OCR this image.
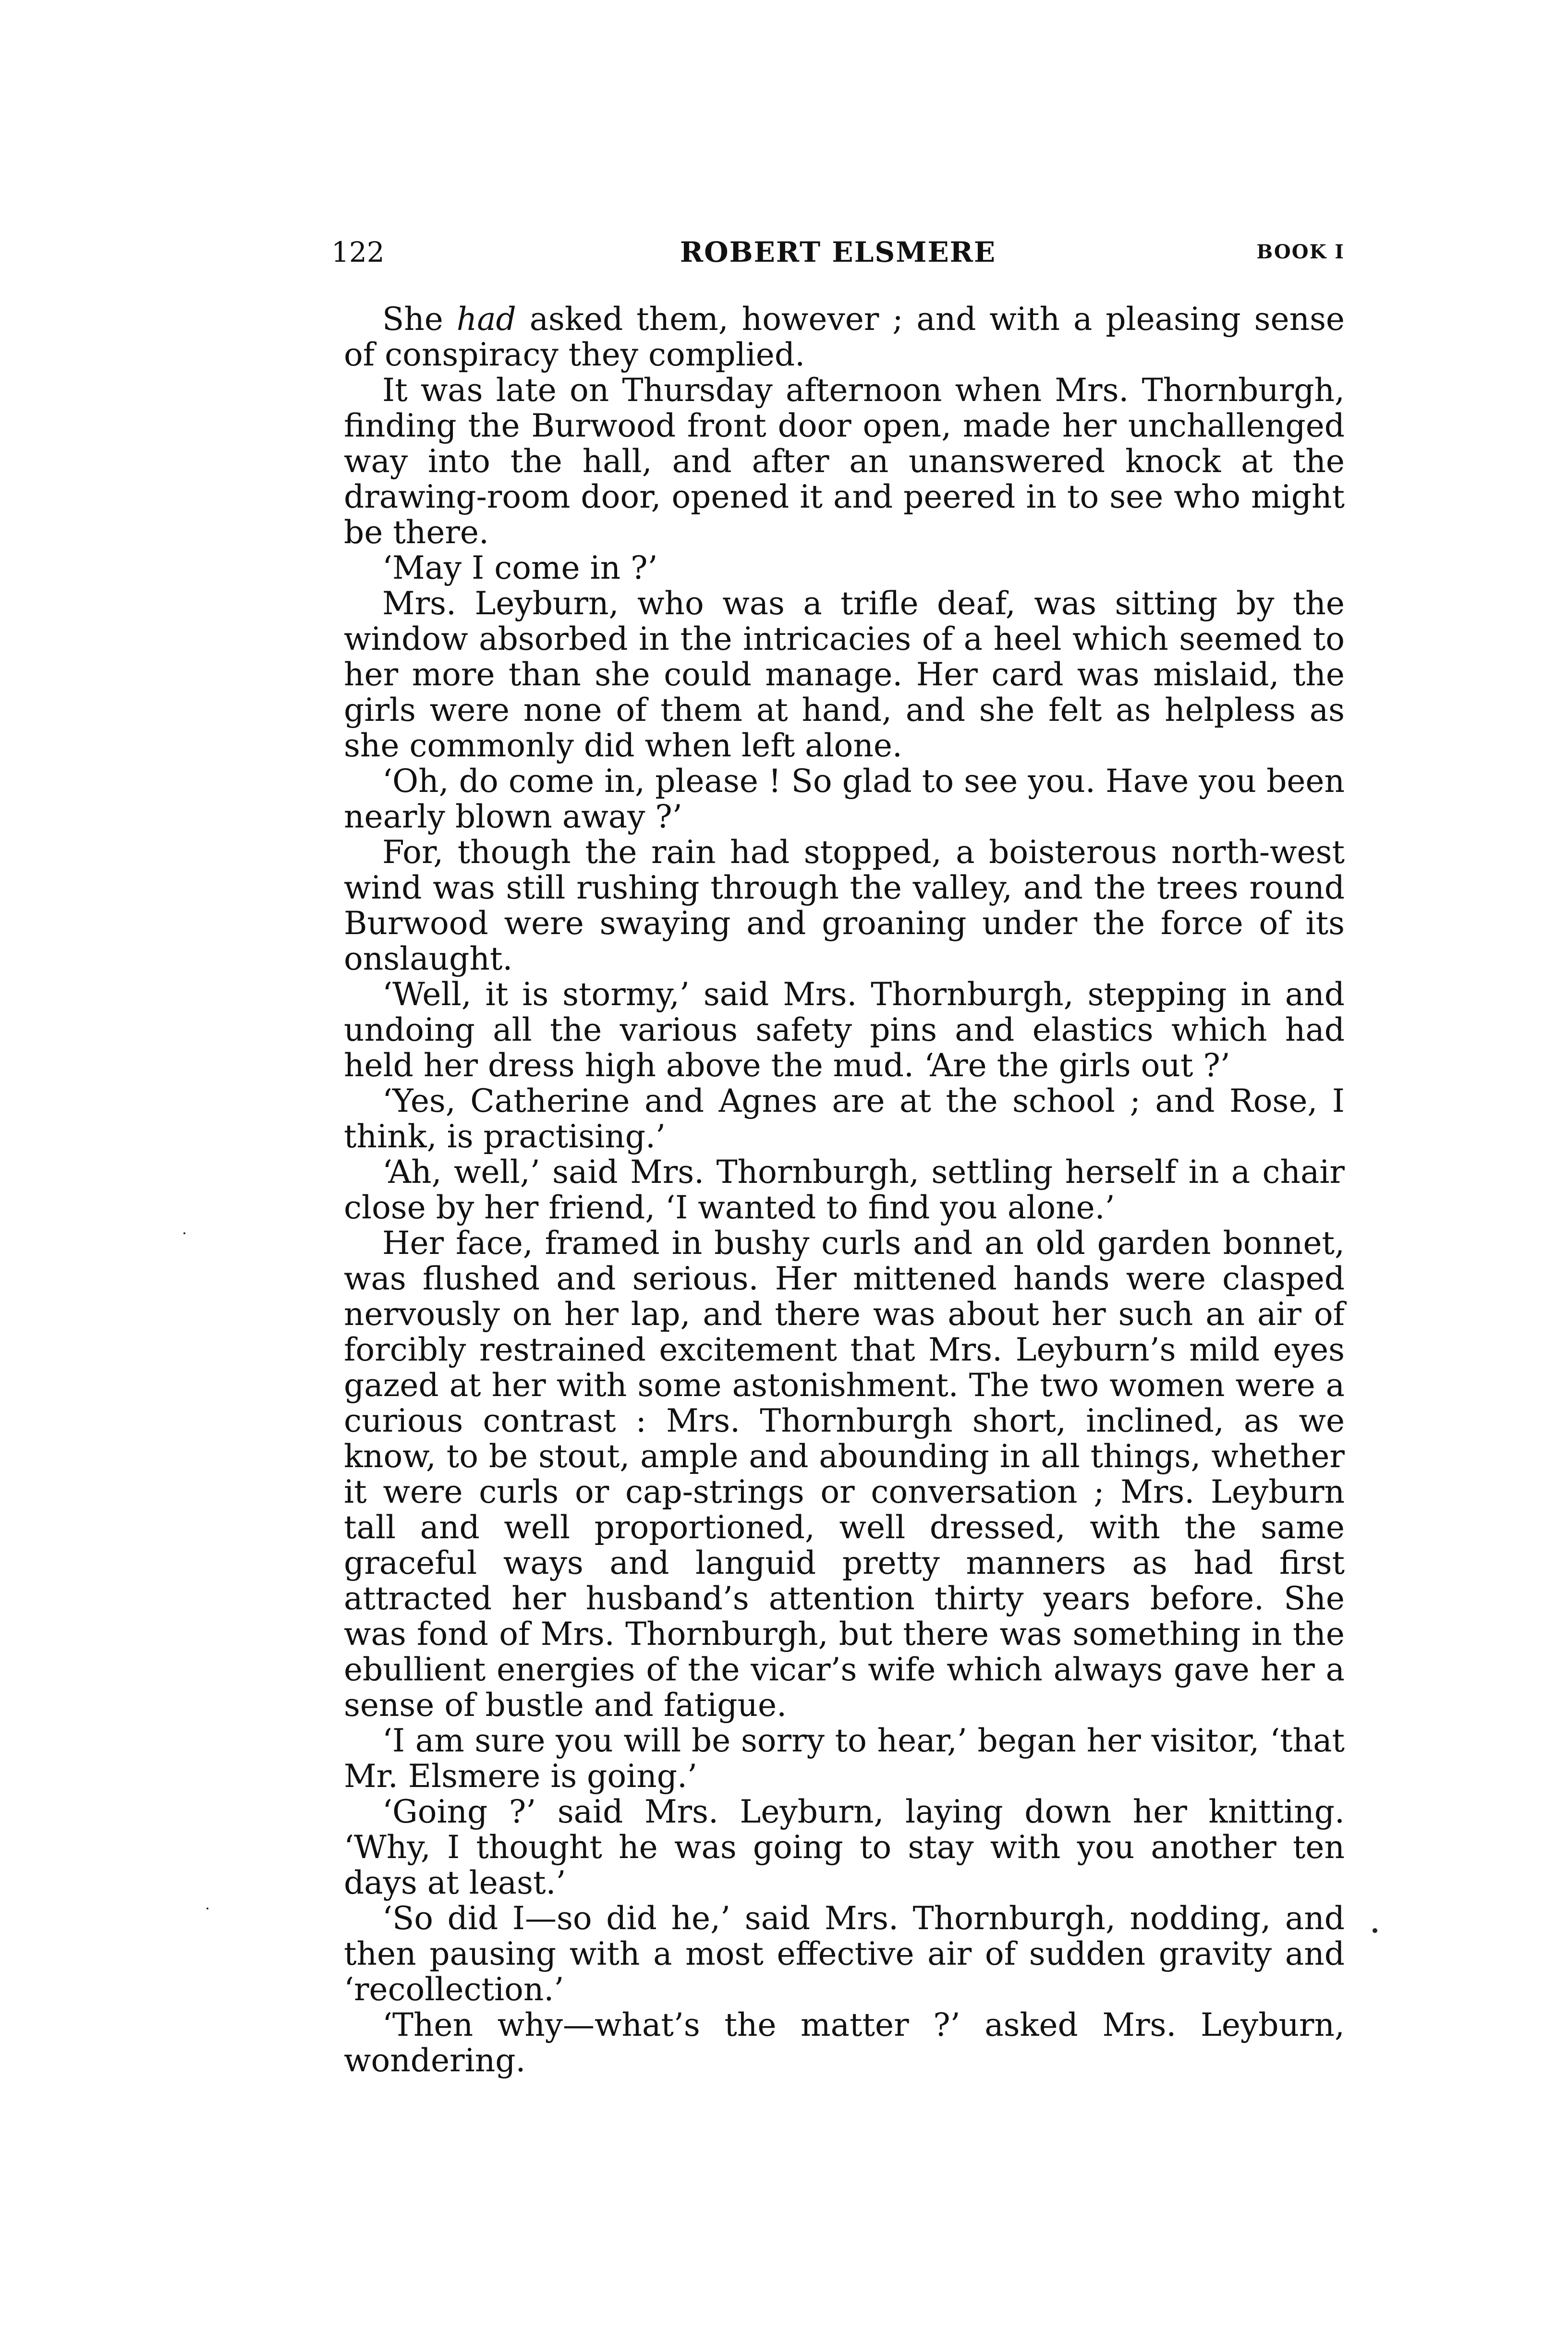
122	ROBERT ELSMERE	BOOK I

She had asked them, however ; and with a pleasing sense of conspiracy they complied.

It was late on Thursday afternoon when Mrs. Thornburgh, finding the Burwood front door open, made her unchallenged way into the hall, and after an unanswered knock at the drawing-room door, opened it and peered in to see who might be there.

‘May I come in ?’

Mrs. Leyburn, who was a trifle deaf, was sitting by the window absorbed in the intricacies of a heel which seemed to her more than she could manage. Her card was mislaid, the girls were none of them at hand, and she felt as helpless as she commonly did when left alone.

‘Oh, do come in, please ! So glad to see you. Have you been nearly blown away ?’

For, though the rain had stopped, a boisterous north-west wind was still rushing through the valley, and the trees round Burwood were swaying and groaning under the force of its onslaught.

‘Well, it is stormy,’ said Mrs. Thornburgh, stepping in and undoing all the various safety pins and elastics which had held her dress high above the mud. ‘Are the girls out ?’

‘Yes, Catherine and Agnes are at the school ; and Rose, I think, is practising.’

‘Ah, well,’ said Mrs. Thornburgh, settling herself in a chair close by her friend, ‘I wanted to find you alone.’

Her face, framed in bushy curls and an old garden bonnet, was flushed and serious. Her mittened hands were clasped nervously on her lap, and there was about her such an air of forcibly restrained excitement that Mrs. Leyburn’s mild eyes gazed at her with some astonishment. The two women were a curious contrast : Mrs. Thornburgh short, inclined, as we know, to be stout, ample and abounding in all things, whether it were curls or cap-strings or conversation ; Mrs. Leyburn tall and well proportioned, well dressed, with the same graceful ways and languid pretty manners as had first attracted her husband’s attention thirty years before. She was fond of Mrs. Thornburgh, but there was something in the ebullient energies of the vicar’s wife which always gave her a sense of bustle and fatigue.

‘I am sure you will be sorry to hear,’ began her visitor, ‘that Mr. Elsmere is going.’

‘Going ?’ said Mrs. Leyburn, laying down her knitting. ‘Why, I thought he was going to stay with you another ten days at least.’

‘So did I—so did he,’ said Mrs. Thornburgh, nodding, and then pausing with a most effective air of sudden gravity and ‘recollection.’

‘Then why—what’s the matter ?’ asked Mrs. Leyburn, wondering.
